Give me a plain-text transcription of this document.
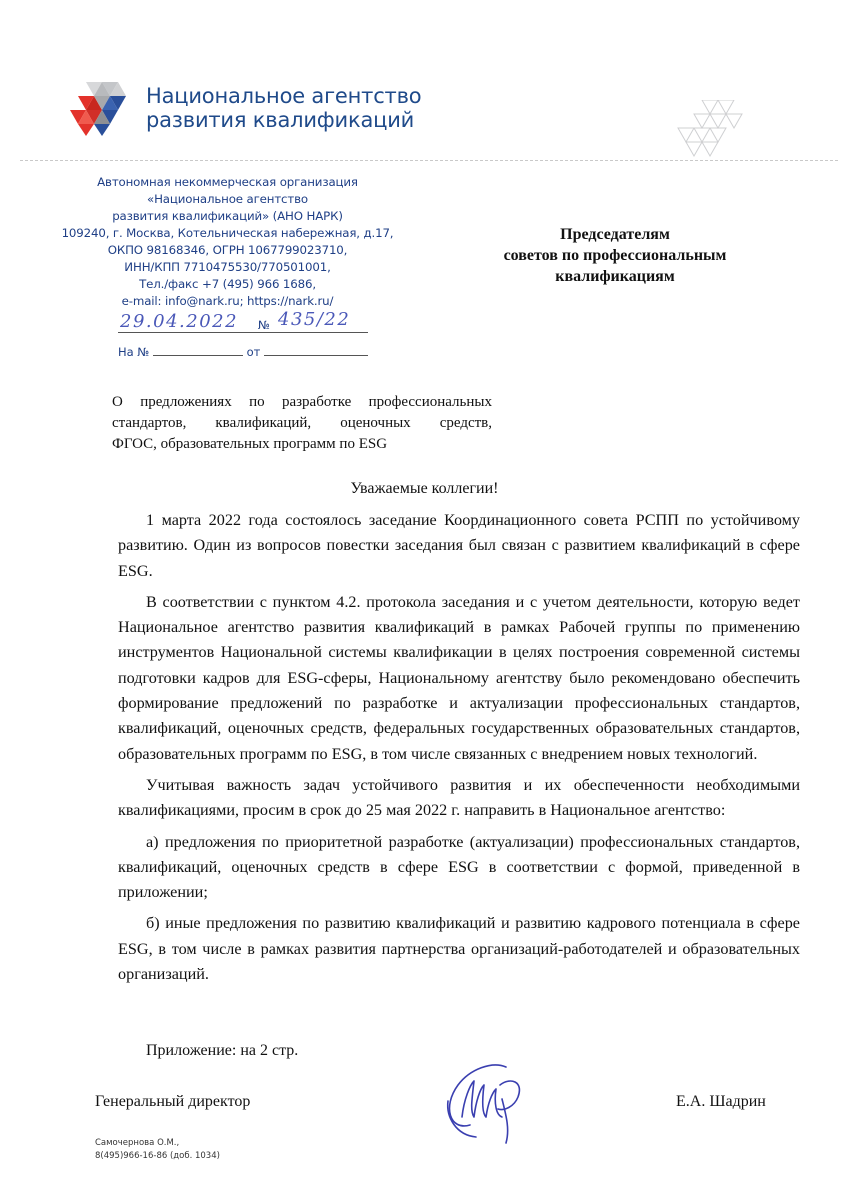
Национальное агентство
развития квалификаций
Автономная некоммерческая организация
«Национальное агентство
развития квалификаций» (АНО НАРК)
109240, г. Москва, Котельническая набережная, д.17,
ОКПО 98168346, ОГРН 1067799023710,
ИНН/КПП 7710475530/770501001,
Тел./факс +7 (495) 966 1686,
e-mail: info@nark.ru; https://nark.ru/
29.04.2022 № 435/22
На №	от
Председателям
советов по профессиональным
квалификациям
О предложениях по разработке профессиональных
стандартов, квалификаций, оценочных средств,
ФГОС, образовательных программ по ESG
Уважаемые коллегии!

1 марта 2022 года состоялось заседание Координационного совета РСПП по устойчивому развитию. Один из вопросов повестки заседания был связан с развитием квалификаций в сфере ESG.

В соответствии с пунктом 4.2. протокола заседания и с учетом деятельности, которую ведет Национальное агентство развития квалификаций в рамках Рабочей группы по применению инструментов Национальной системы квалификации в целях построения современной системы подготовки кадров для ESG-сферы, Национальному агентству было рекомендовано обеспечить формирование предложений по разработке и актуализации профессиональных стандартов, квалификаций, оценочных средств, федеральных государственных образовательных стандартов, образовательных программ по ESG, в том числе связанных с внедрением новых технологий.

Учитывая важность задач устойчивого развития и их обеспеченности необходимыми квалификациями, просим в срок до 25 мая 2022 г. направить в Национальное агентство:

а) предложения по приоритетной разработке (актуализации) профессиональных стандартов, квалификаций, оценочных средств в сфере ESG в соответствии с формой, приведенной в приложении;

б) иные предложения по развитию квалификаций и развитию кадрового потенциала в сфере ESG, в том числе в рамках развития партнерства организаций-работодателей и образовательных организаций.

Приложение: на 2 стр.
Генеральный директор	Е.А. Шадрин
Самочернова О.М.,
8(495)966-16-86 (доб. 1034)
